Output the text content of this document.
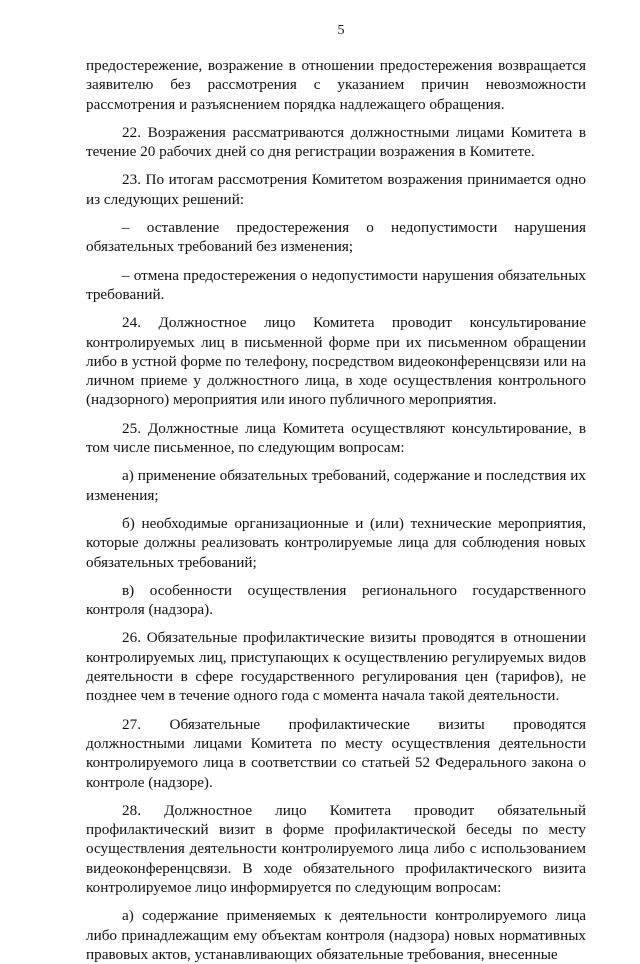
5

предостережение, возражение в отношении предостережения возвращается заявителю без рассмотрения с указанием причин невозможности рассмотрения и разъяснением порядка надлежащего обращения.

22. Возражения рассматриваются должностными лицами Комитета в течение 20 рабочих дней со дня регистрации возражения в Комитете.

23. По итогам рассмотрения Комитетом возражения принимается одно из следующих решений:

– оставление предостережения о недопустимости нарушения обязательных требований без изменения;

– отмена предостережения о недопустимости нарушения обязательных требований.

24. Должностное лицо Комитета проводит консультирование контролируемых лиц в письменной форме при их письменном обращении либо в устной форме по телефону, посредством видеоконференцсвязи или на личном приеме у должностного лица, в ходе осуществления контрольного (надзорного) мероприятия или иного публичного мероприятия.

25. Должностные лица Комитета осуществляют консультирование, в том числе письменное, по следующим вопросам:

а) применение обязательных требований, содержание и последствия их изменения;

б) необходимые организационные и (или) технические мероприятия, которые должны реализовать контролируемые лица для соблюдения новых обязательных требований;

в) особенности осуществления регионального государственного контроля (надзора).

26. Обязательные профилактические визиты проводятся в отношении контролируемых лиц, приступающих к осуществлению регулируемых видов деятельности в сфере государственного регулирования цен (тарифов), не позднее чем в течение одного года с момента начала такой деятельности.

27. Обязательные профилактические визиты проводятся должностными лицами Комитета по месту осуществления деятельности контролируемого лица в соответствии со статьей 52 Федерального закона о контроле (надзоре).

28. Должностное лицо Комитета проводит обязательный профилактический визит в форме профилактической беседы по месту осуществления деятельности контролируемого лица либо с использованием видеоконференцсвязи. В ходе обязательного профилактического визита контролируемое лицо информируется по следующим вопросам:

а) содержание применяемых к деятельности контролируемого лица либо принадлежащим ему объектам контроля (надзора) новых нормативных правовых актов, устанавливающих обязательные требования, внесенные
